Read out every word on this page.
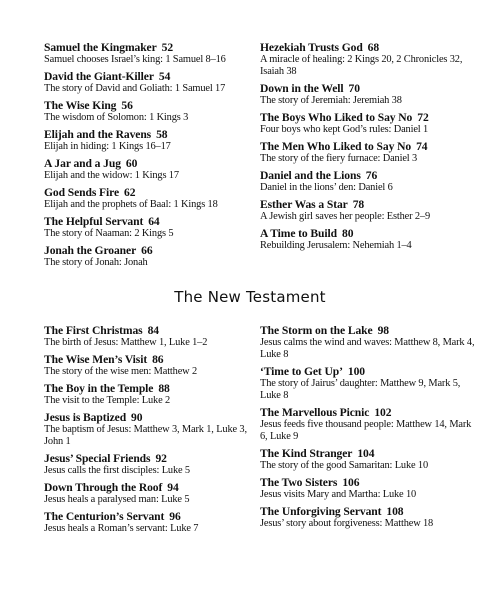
Samuel the Kingmaker 52
Samuel chooses Israel’s king: 1 Samuel 8–16
David the Giant-Killer 54
The story of David and Goliath: 1 Samuel 17
The Wise King 56
The wisdom of Solomon: 1 Kings 3
Elijah and the Ravens 58
Elijah in hiding: 1 Kings 16–17
A Jar and a Jug 60
Elijah and the widow: 1 Kings 17
God Sends Fire 62
Elijah and the prophets of Baal: 1 Kings 18
The Helpful Servant 64
The story of Naaman: 2 Kings 5
Jonah the Groaner 66
The story of Jonah: Jonah
Hezekiah Trusts God 68
A miracle of healing: 2 Kings 20, 2 Chronicles 32, Isaiah 38
Down in the Well 70
The story of Jeremiah: Jeremiah 38
The Boys Who Liked to Say No 72
Four boys who kept God’s rules: Daniel 1
The Men Who Liked to Say No 74
The story of the fiery furnace: Daniel 3
Daniel and the Lions 76
Daniel in the lions’ den: Daniel 6
Esther Was a Star 78
A Jewish girl saves her people: Esther 2–9
A Time to Build 80
Rebuilding Jerusalem: Nehemiah 1–4
The New Testament
The First Christmas 84
The birth of Jesus: Matthew 1, Luke 1–2
The Wise Men’s Visit 86
The story of the wise men: Matthew 2
The Boy in the Temple 88
The visit to the Temple: Luke 2
Jesus is Baptized 90
The baptism of Jesus: Matthew 3, Mark 1, Luke 3, John 1
Jesus’ Special Friends 92
Jesus calls the first disciples: Luke 5
Down Through the Roof 94
Jesus heals a paralysed man: Luke 5
The Centurion’s Servant 96
Jesus heals a Roman’s servant: Luke 7
The Storm on the Lake 98
Jesus calms the wind and waves: Matthew 8, Mark 4, Luke 8
‘Time to Get Up’ 100
The story of Jairus’ daughter: Matthew 9, Mark 5, Luke 8
The Marvellous Picnic 102
Jesus feeds five thousand people: Matthew 14, Mark 6, Luke 9
The Kind Stranger 104
The story of the good Samaritan: Luke 10
The Two Sisters 106
Jesus visits Mary and Martha: Luke 10
The Unforgiving Servant 108
Jesus’ story about forgiveness: Matthew 18
